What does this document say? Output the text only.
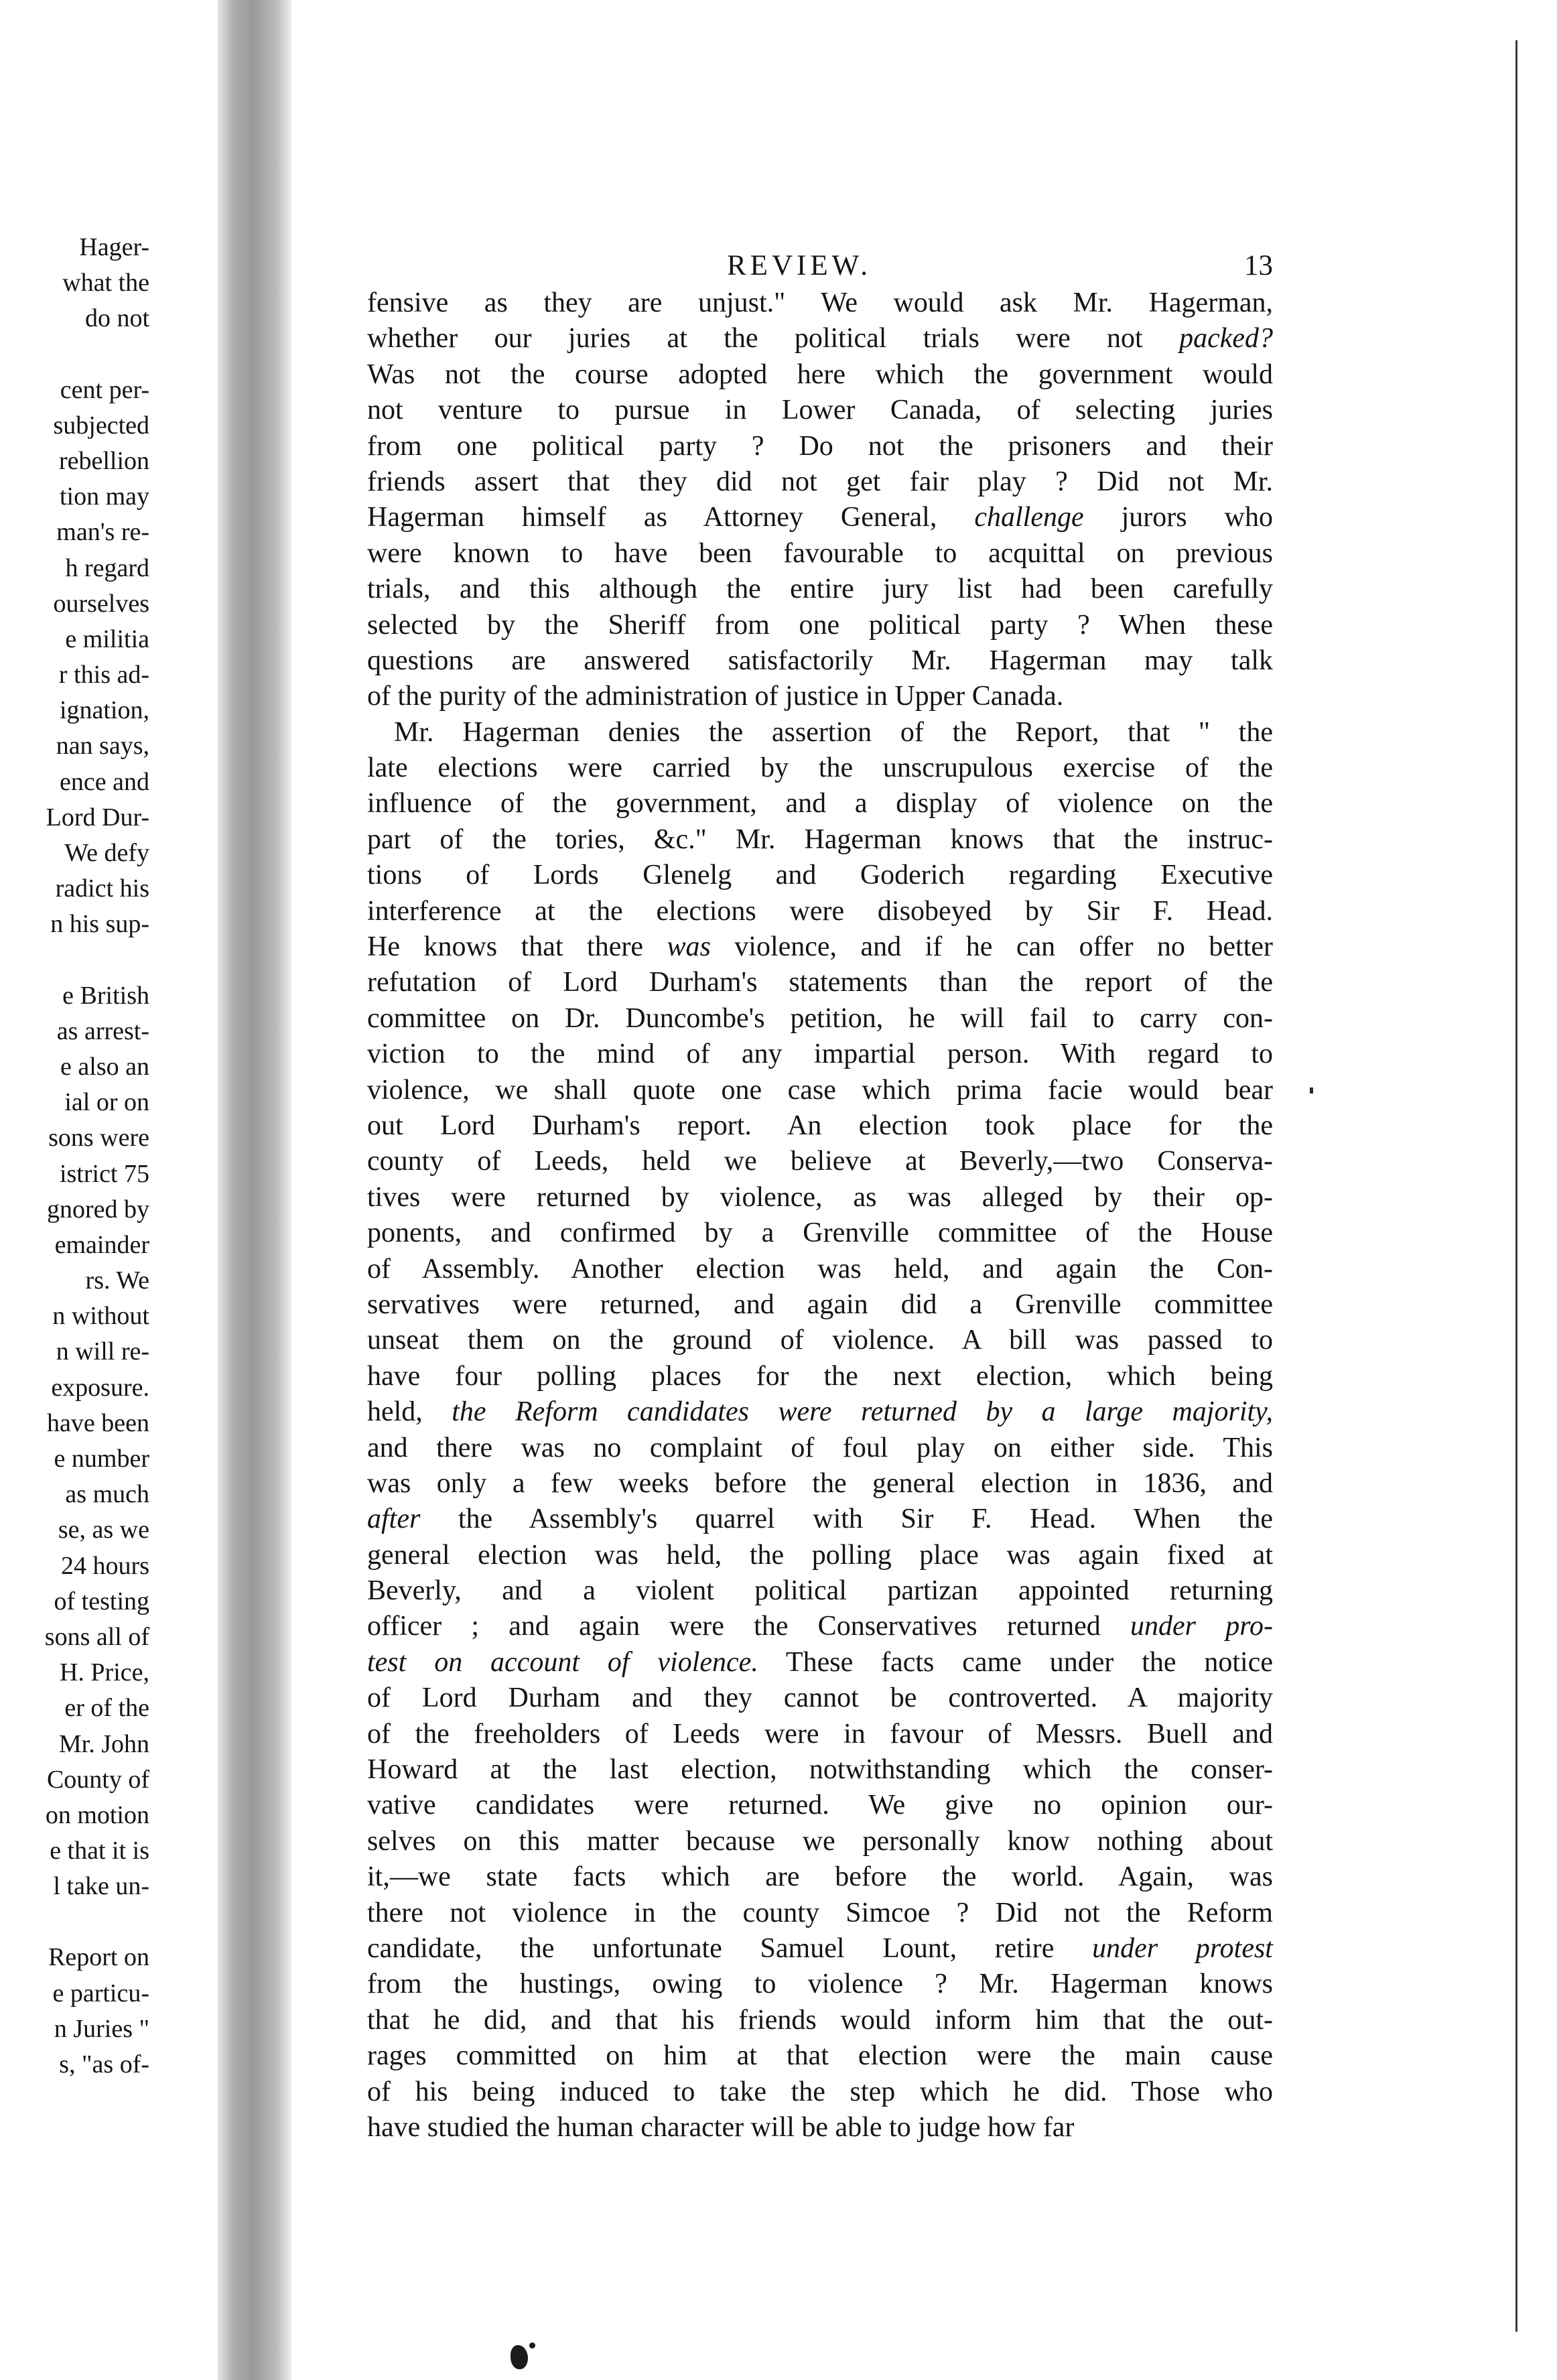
Hager-
what the
do not
cent per-
subjected
rebellion
tion may
man's re-
h regard
ourselves
e militia
r this ad-
ignation,
nan says,
ence and
Lord Dur-
We defy
radict his
n his sup-
e British
as arrest-
e also an
ial or on
sons were
istrict 75
gnored by
emainder
rs. We
n without
n will re-
exposure.
have been
e number
as much
se, as we
24 hours
of testing
sons all of
H. Price,
er of the
Mr. John
County of
on motion
e that it is
l take un-
Report on
e particu-
n Juries "
s, "as of-
REVIEW.	13
fensive as they are unjust." We would ask Mr. Hagerman,
whether our juries at the political trials were not packed?
Was not the course adopted here which the government would
not venture to pursue in Lower Canada, of selecting juries
from one political party ? Do not the prisoners and their
friends assert that they did not get fair play ? Did not Mr.
Hagerman himself as Attorney General, challenge jurors who
were known to have been favourable to acquittal on previous
trials, and this although the entire jury list had been carefully
selected by the Sheriff from one political party ? When these
questions are answered satisfactorily Mr. Hagerman may talk
of the purity of the administration of justice in Upper Canada.
Mr. Hagerman denies the assertion of the Report, that " the
late elections were carried by the unscrupulous exercise of the
influence of the government, and a display of violence on the
part of the tories, &c." Mr. Hagerman knows that the instruc-
tions of Lords Glenelg and Goderich regarding Executive
interference at the elections were disobeyed by Sir F. Head.
He knows that there was violence, and if he can offer no better
refutation of Lord Durham's statements than the report of the
committee on Dr. Duncombe's petition, he will fail to carry con-
viction to the mind of any impartial person. With regard to
violence, we shall quote one case which prima facie would bear
out Lord Durham's report. An election took place for the
county of Leeds, held we believe at Beverly,—two Conserva-
tives were returned by violence, as was alleged by their op-
ponents, and confirmed by a Grenville committee of the House
of Assembly. Another election was held, and again the Con-
servatives were returned, and again did a Grenville committee
unseat them on the ground of violence. A bill was passed to
have four polling places for the next election, which being
held, the Reform candidates were returned by a large majority,
and there was no complaint of foul play on either side. This
was only a few weeks before the general election in 1836, and
after the Assembly's quarrel with Sir F. Head. When the
general election was held, the polling place was again fixed at
Beverly, and a violent political partizan appointed returning
officer ; and again were the Conservatives returned under pro-
test on account of violence. These facts came under the notice
of Lord Durham and they cannot be controverted. A majority
of the freeholders of Leeds were in favour of Messrs. Buell and
Howard at the last election, notwithstanding which the conser-
vative candidates were returned. We give no opinion our-
selves on this matter because we personally know nothing about
it,—we state facts which are before the world. Again, was
there not violence in the county Simcoe ? Did not the Reform
candidate, the unfortunate Samuel Lount, retire under protest
from the hustings, owing to violence ? Mr. Hagerman knows
that he did, and that his friends would inform him that the out-
rages committed on him at that election were the main cause
of his being induced to take the step which he did. Those who
have studied the human character will be able to judge how far
